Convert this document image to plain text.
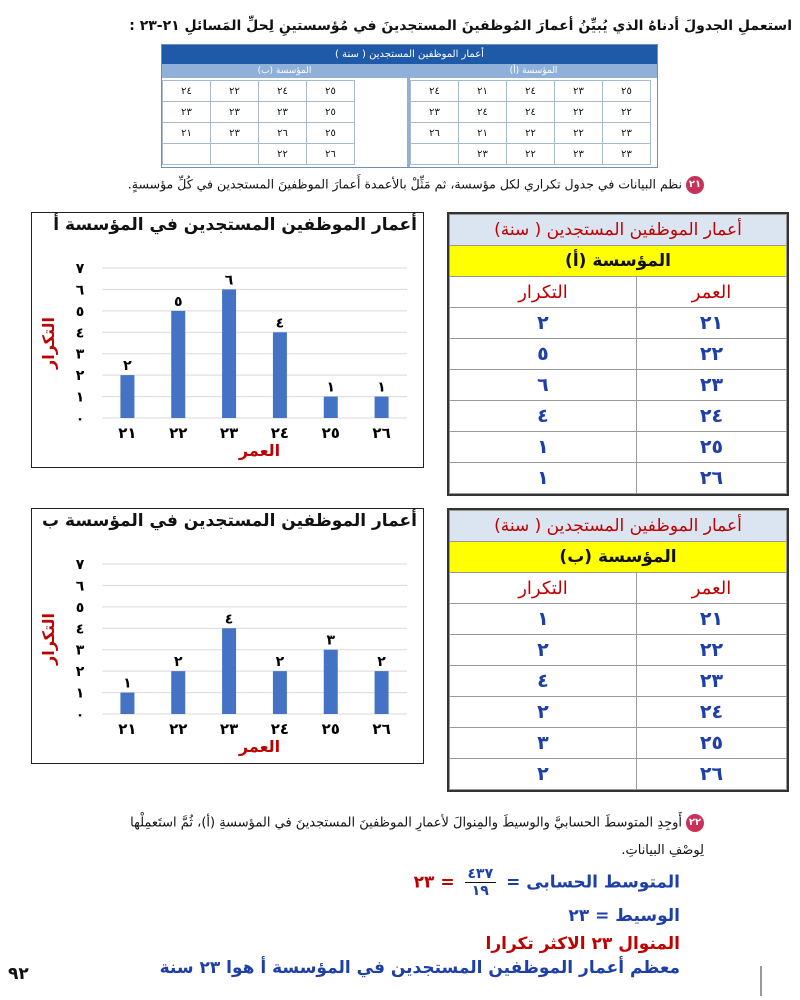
استعملِ الجدولَ أدناهُ الذي يُبيِّنُ أعمارَ المُوظفينَ المستجدينَ في مُؤسستينِ لِحلِّ المَسائلِ ٢١-٢٣ :
أعمار الموظفين المستجدين ( سنة )
المؤسسة (ب)	المؤسسة (أ)
٢٤	٢٢	٢٤	٢٥
٢٣	٢٣	٢٣	٢٥
٢١	٢٣	٢٦	٢٥
		٢٢	٢٦
٢٤	٢١	٢٤	٢٣	٢٥
٢٣	٢٤	٢٤	٢٢	٢٢
٢٦	٢١	٢٢	٢٢	٢٣
	٢٣	٢٢	٢٣	٢٣
٢١نظم البيانات في جدول تكراري لكل مؤسسة، ثم مَثِّلْ بالأعمدة أَعمارَ الموظفينَ المستجدين في كُلِّ مؤسسةٍ.
٠
١
٢
٣
٤
٥
٦
٧
٢
٢١
٥
٢٢
٦
٢٣
٤
٢٤
١
٢٥
١
٢٦
العمر
التكرار
أعمار الموظفين المستجدين في المؤسسة أ	أعمار الموظفين المستجدين ( سنة)	
المؤسسة (أ)	
العمر	التكرار
٢١	٢
٢٢	٥
٢٣	٦
٢٤	٤
٢٥	١
٢٦	١
٠
١
٢
٣
٤
٥
٦
٧
١
٢١
٢
٢٢
٤
٢٣
٢
٢٤
٣
٢٥
٢
٢٦
العمر
التكرار
أعمار الموظفين المستجدين في المؤسسة ب	أعمار الموظفين المستجدين ( سنة)	
المؤسسة (ب)	
العمر	التكرار
٢١	١
٢٢	٢
٢٣	٤
٢٤	٢
٢٥	٣
٢٦	٢
٢٢أَوجِدِ المتوسطَ الحسابيَّ والوسيطَ والمِنوالَ لأعمارِ الموظفينَ المستجدينَ في المؤسسةِ (أ)، ثُمَّ استَعمِلْها
لِوصْفِ البياناتِ.
المتوسط الحسابى =
$\frac{٤٣٧}{١٩}$
= ٢٣
الوسيط = ٢٣
المنوال ٢٣ الاكثر تكرارا
معظم أعمار الموظفين المستجدين في المؤسسة أ هوا ٢٣ سنة
٩٢
